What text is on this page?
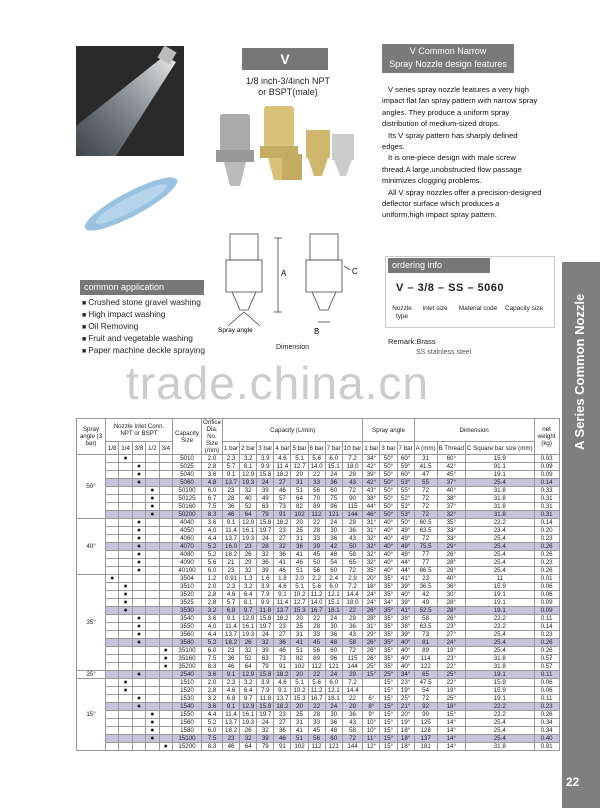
V
1/8 inch-3/4inch NPT
or BSPT(male)
V Common Narrow
Spray Nozzle design features

V series spray nozzle features a very high impact flat fan spray pattern with narrow spray angles. They produce a uniform spray distribution of medium-sized drops.

Its V spray pattern has sharply defined edges.

It is one-piece design with male screw thread.A large,unobstructed flow passage minimizes clogging problems.

All V spray nozzles offer a precision-designed deflector surface which produces a uniform,high impact spray pattern.

A
B
C
Spray angle
Dimension
common application
■ Crushed stone gravel washing
■ High impact washing
■ Oil Removing
■ Fruit and vegetable washing
■ Paper machine deckle spraying
ordering info
V – 3/8 – SS – 5060
Nozzle type
Inlet size	Material code Capacity size
Remark:Brass
SS stainless steel
trade.china.cn	A Series Common Nozzle
22
Spray angle (3 bar)	Nozzle Inlet Conn. NPT or BSPT					Capacity Size	Orifice Dia. No. Size (mm)	Capacity (L/min)								Spray angle			Dimension			net weight (kg)
	1/8	1/4	3/8	1/2	3/4			1 bar	2 bar	3 bar	4 bar	5 bar	6 bar	7 bar	10 bar	1 bar	3 bar	7 bar	A (mm)	B Thread	C Square bar size (mm)	
50°		●				5010	2.0	2.3	3.2	3.9	4.6	5.1	5.6	6.0	7.2	34°	50°	60°	31	60°	15.9	0.03
			●			5025	2.8	5.7	8.1	9.9	11.4	12.7	14.0	15.1	18.0	42°	50°	59°	41.5	42°	91.1	0.09
			●			5040	3.6	9.1	12.9	15.8	18.2	20	22	24	29	39°	50°	60°	47	45°	19.1	0.09
			●			5060	4.8	13.7	19.3	24	27	31	33	36	43	42°	50°	53°	55	37°	25.4	0.14
				●		50100	6.0	23	32	39	46	51	56	60	72	43°	50°	55°	72	40°	31.8	0.33
				●		50125	6.7	28	40	49	57	64	70	75	90	38°	50°	52°	72	38°	31.8	0.31
				●		50160	7.5	36	52	63	73	82	89	96	115	44°	50°	52°	72	37°	31.8	0.31
				●		50200	8.3	46	64	79	91	102	112	121	144	46°	50°	53°	72	32°	31.8	0.31
40°			●			4040	3.6	9.1	12.9	15.8	18.2	20	22	24	29	31°	40°	50°	60.5	35°	22.2	0.14
			●			4050	4.0	11.4	16.1	19.7	23	25	28	30	36	31°	40°	49°	63.5	33°	23.4	0.20
			●			4060	4.4	13.7	19.3	24	27	31	33	36	43	32°	40°	49°	72	33°	25.4	0.23
			●			4070	5.2	16.0	23	28	32	36	39	42	50	32°	40°	49°	75.5	29°	25.4	0.26
			●			4080	5.2	18.2	26	32	36	41	45	48	58	32°	40°	49°	77	26°	25.4	0.26
			●			4090	5.6	21	29	36	41	46	50	54	65	32°	40°	44°	77	28°	25.4	0.23
			●			40100	6.0	23	32	39	46	51	56	60	72	35°	40°	44°	86.5	28°	25.4	0.26
35°	●					3504	1.2	0.91	1.3	1.6	1.8	2.0	2.2	2.4	2.9	20°	35°	41°	23	40°	11	0.01
		●				3510	2.0	2.3	3.2	3.9	4.6	5.1	5.6	6.0	7.2	18°	35°	39°	36.5	36°	15.9	0.06
		●				3520	2.8	4.6	6.4	7.9	9.1	10.2	11.2	12.1	14.4	24°	35°	40°	42	30°	19.1	0.06
		●				3525	2.8	5.7	8.1	9.9	11.4	12.7	14.0	15.1	18.0	24°	34°	39°	49	28°	19.1	0.09
		●				3530	3.2	6.8	9.7	11.8	13.7	15.3	16.7	18.1	22	26°	35°	41°	52.5	28°	19.1	0.09
			●			3540	3.6	9.1	12.9	15.8	18.2	20	22	24	29	28°	35°	38°	58	26°	22.2	0.11
			●			3550	4.0	11.4	16.1	19.7	23	25	28	30	36	31°	35°	38°	63.5	23°	22.2	0.14
			●			3560	4.4	13.7	19.3	24	27	31	33	36	43	29°	35°	39°	73	27°	25.4	0.23
			●			3580	5.2	18.2	26	32	36	41	45	48	58	26°	35°	40°	81	24°	25.4	0.26
					●	35100	6.0	23	32	39	46	51	56	60	72	26°	35°	40°	89	19°	25.4	0.26
					●	35160	7.5	36	52	63	73	82	89	96	115	26°	35°	40°	114	23°	31.8	0.57
					●	35200	8.3	46	64	79	91	102	112	121	144	25°	35°	40°	122	22°	31.8	0.57
25°			●			2540	3.6	9.1	12.9	15.8	18.2	20	22	24	29	15°	25°	34°	65	25°	19.1	0.11
15°		●				1510	2.0	2.3	3.2	3.9	4.6	5.1	5.6	6.0	7.2		15°	23°	47.5	22°	15.9	0.06
		●				1520	2.8	4.6	6.4	7.9	9.1	10.2	11.2	12.1	14.4		15°	19°	54	19°	15.9	0.06
			●			1530	3.2	6.8	9.7	11.8	13.7	15.3	16.7	18.1	22	6°	15°	25°	72	25°	19.1	0.11
			●			1540	3.6	9.1	12.9	15.8	18.2	20	22	24	29	8°	15°	21°	92	18°	22.2	0.23
				●		1550	4.4	11.4	16.1	19.7	23	25	28	30	36	9°	15°	20°	90	15°	22.2	0.26
				●		1560	5.2	13.7	19.3	24	27	31	33	36	43	10°	15°	19°	125	14°	25.4	0.34
				●		1580	6.0	18.2	26	32	36	41	45	48	58	10°	15°	18°	128	14°	25.4	0.34
				●		15100	7.5	23	32	39	46	51	56	60	72	11°	15°	18°	137	14°	25.4	0.40
					●	15200	8.3	46	64	79	91	102	112	121	144	12°	15°	18°	181	14°	31.8	0.91
